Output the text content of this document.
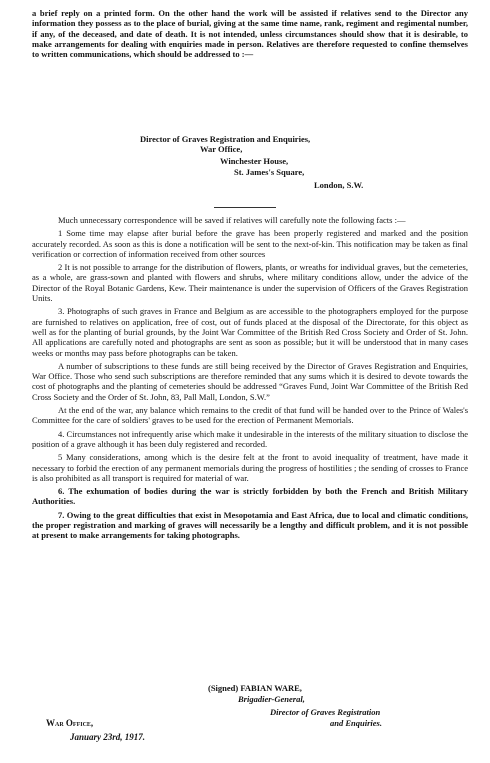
a brief reply on a printed form. On the other hand the work will be assisted if relatives send to the Director any information they possess as to the place of burial, giving at the same time name, rank, regiment and regimental number, if any, of the deceased, and date of death. It is not intended, unless circumstances should show that it is desirable, to make arrangements for dealing with enquiries made in person. Relatives are therefore requested to confine themselves to written communications, which should be addressed to :—

Director of Graves Registration and Enquiries,
War Office,
Winchester House,
St. James's Square,
London, S.W.

Much unnecessary correspondence will be saved if relatives will carefully note the following facts :—

1 Some time may elapse after burial before the grave has been properly registered and marked and the position accurately recorded. As soon as this is done a notification will be sent to the next-of-kin. This notification may be taken as final verification or correction of information received from other sources

2 It is not possible to arrange for the distribution of flowers, plants, or wreaths for individual graves, but the cemeteries, as a whole, are grass-sown and planted with flowers and shrubs, where military conditions allow, under the advice of the Director of the Royal Botanic Gardens, Kew. Their maintenance is under the supervision of Officers of the Graves Registration Units.

3. Photographs of such graves in France and Belgium as are accessible to the photographers employed for the purpose are furnished to relatives on application, free of cost, out of funds placed at the disposal of the Directorate, for this object as well as for the planting of burial grounds, by the Joint War Committee of the British Red Cross Society and Order of St. John. All applications are carefully noted and photographs are sent as soon as possible; but it will be understood that in many cases weeks or months may pass before photographs can be taken.

A number of subscriptions to these funds are still being received by the Director of Graves Registration and Enquiries, War Office. Those who send such subscriptions are therefore reminded that any sums which it is desired to devote towards the cost of photographs and the planting of cemeteries should be addressed “Graves Fund, Joint War Committee of the British Red Cross Society and the Order of St. John, 83, Pall Mall, London, S.W.”

At the end of the war, any balance which remains to the credit of that fund will be handed over to the Prince of Wales's Committee for the care of soldiers' graves to be used for the erection of Permanent Memorials.

4. Circumstances not infrequently arise which make it undesirable in the interests of the military situation to disclose the position of a grave although it has been duly registered and recorded.

5 Many considerations, among which is the desire felt at the front to avoid inequality of treatment, have made it necessary to forbid the erection of any permanent memorials during the progress of hostilities ; the sending of crosses to France is also prohibited as all transport is required for material of war.

6. The exhumation of bodies during the war is strictly forbidden by both the French and British Military Authorities.

7. Owing to the great difficulties that exist in Mesopotamia and East Africa, due to local and climatic conditions, the proper registration and marking of graves will necessarily be a lengthy and difficult problem, and it is not possible at present to make arrangements for taking photographs.

(Signed) FABIAN WARE,
Brigadier-General,
Director of Graves Registration
and Enquiries.
War Office,
January 23rd, 1917.
